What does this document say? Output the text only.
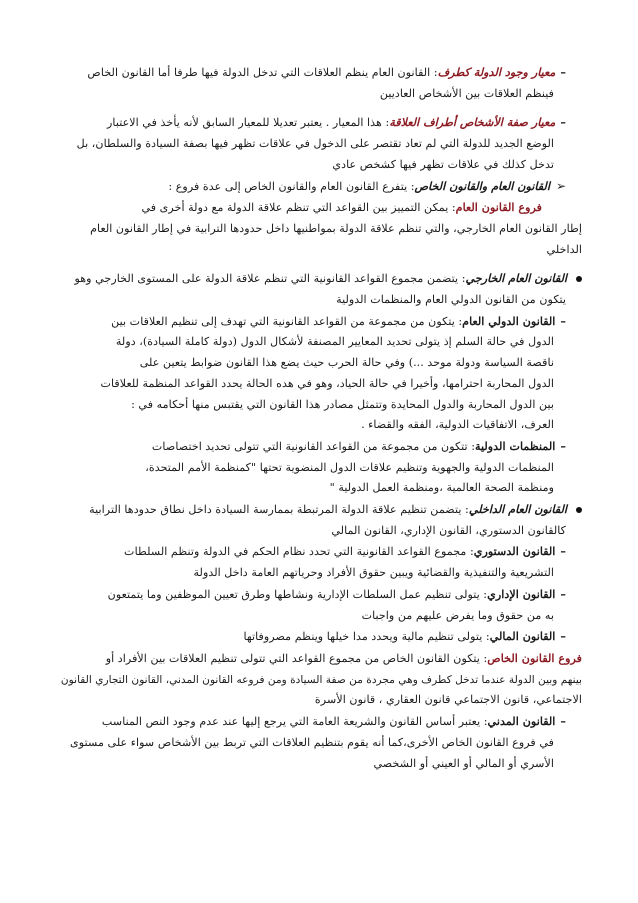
–معيار وجود الدولة كطرف: القانون العام ينظم العلاقات التي تدخل الدولة فيها طرفا أما القانون الخاص
فينظم العلاقات بين الأشخاص العاديين
–معيار صفة الأشخاص أطراف العلاقة: هذا المعيار . يعتبر تعديلا للمعيار السابق لأنه يأخذ في الاعتبار
الوضع الجديد للدولة التي لم تعاد تقتصر على الدخول في علاقات تظهر فيها بصفة السيادة والسلطان، بل
تدخل كذلك في علاقات تظهر فيها كشخص عادي
➢القانون العام والقانون الخاص: يتفرع القانون العام والقانون الخاص إلى عدة فروع :
فروع القانون العام: يمكن التمييز بين القواعد التي تنظم علاقة الدولة مع دولة أخرى في
إطار القانون العام الخارجي، والتي تنظم علاقة الدولة بمواطنيها داخل حدودها الترابية في إطار القانون العام
الداخلي
القانون العام الخارجي: يتضمن مجموع القواعد القانونية التي تنظم علاقة الدولة على المستوى الخارجي وهو
يتكون من القانون الدولي العام والمنظمات الدولية
–القانون الدولي العام: يتكون من مجموعة من القواعد القانونية التي تهدف إلى تنظيم العلاقات بين
الدول في حالة السلم إذ يتولى تحديد المعايير المصنفة لأشكال الدول (دولة كاملة السيادة)، دولة
ناقصة السياسة ودولة موحد ...) وفي حالة الحرب حيث يضع هذا القانون ضوابط يتعين على
الدول المحاربة احترامها، وأخيرا في حالة الحياد، وهو في هده الحالة يحدد القواعد المنظمة للعلاقات
بين الدول المحاربة والدول المحايدة وتتمثل مصادر هذا القانون التي يقتبس منها أحكامه في :
العرف، الاتفاقيات الدولية، الفقه والقضاء .
–المنظمات الدولية: تتكون من مجموعة من القواعد القانونية التي تتولى تحديد اختصاصات
المنظمات الدولية والجهوية وتنظيم علاقات الدول المنضوية تحتها "كمنظمة الأمم المتحدة،
ومنظمة الصحة العالمية ،ومنظمة العمل الدولية "
القانون العام الداخلي: يتضمن تنظيم علاقة الدولة المرتبطة بممارسة السيادة داخل نطاق حدودها الترابية
كالقانون الدستوري، القانون الإداري، القانون المالي
–القانون الدستوري: مجموع القواعد القانونية التي تحدد نظام الحكم في الدولة وتنظم السلطات
التشريعية والتنفيذية والقضائية ويبين حقوق الأفراد وحرياتهم العامة داخل الدولة
–القانون الإداري: يتولى تنظيم عمل السلطات الإدارية ونشاطها وطرق تعيين الموظفين وما يتمتعون
به من حقوق وما يفرض عليهم من واجبات
–القانون المالي: يتولى تنظيم مالية ويحدد مدا خيلها وينظم مصروفاتها
فروع القانون الخاص: يتكون القانون الخاص من مجموع القواعد التي تتولى تنظيم العلاقات بين الأفراد أو
بينهم وبين الدولة عندما تدخل كطرف وهي مجردة من صفة السيادة ومن فروعه القانون المدني، القانون التجاري القانون
الاجتماعي، قانون الاجتماعي قانون العقاري ، قانون الأسرة
–القانون المدني: يعتبر أساس القانون والشريعة العامة التي يرجع إليها عند عدم وجود النص المناسب
في فروع القانون الخاص الأخرى،كما أنه يقوم بتنظيم العلاقات التي تربط بين الأشخاص سواء على مستوى
الأسري أو المالي أو العيني أو الشخصي
